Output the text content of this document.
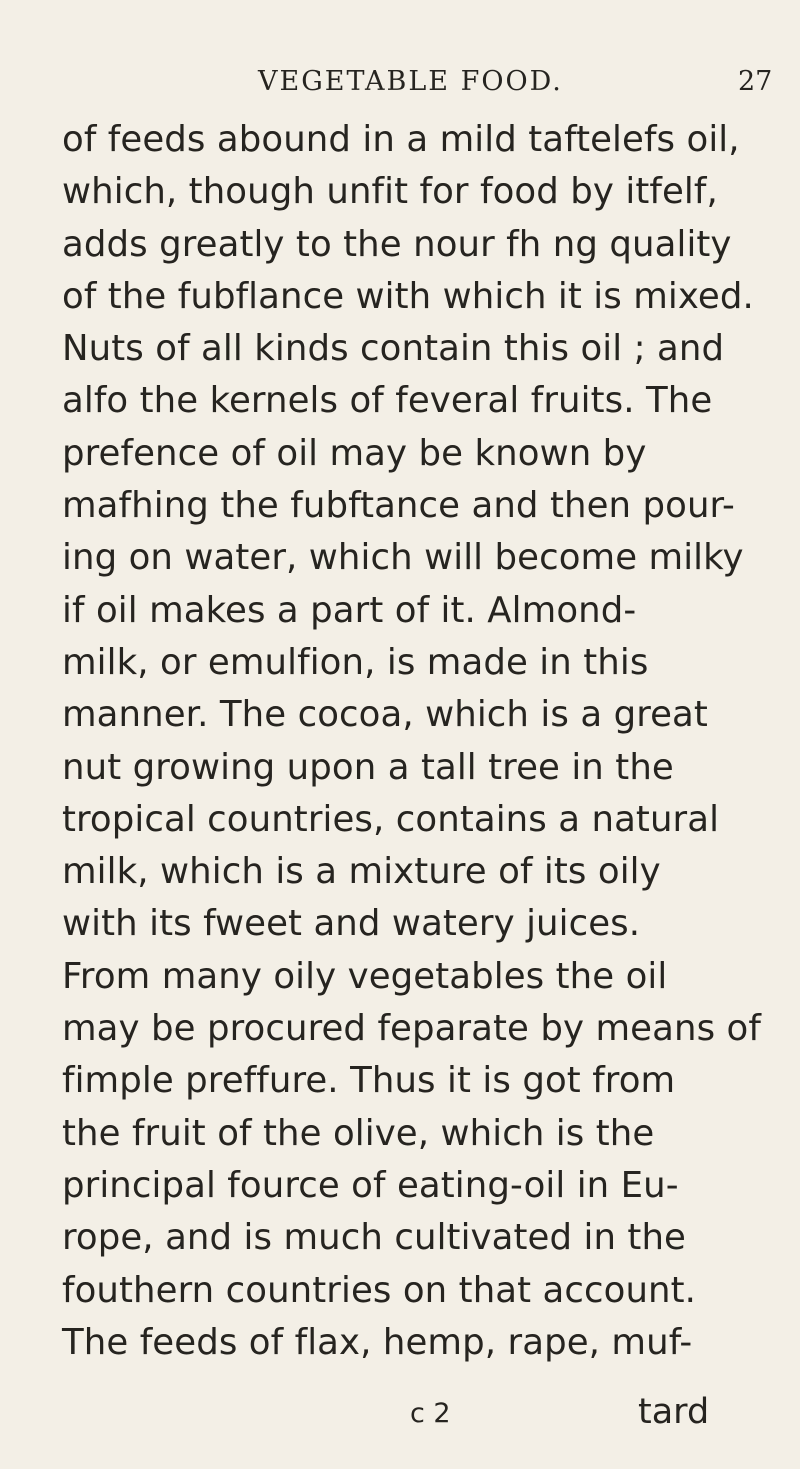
VEGETABLE FOOD.	27
of feeds abound in a mild taftelefs oil,
which, though unfit for food by itfelf,
adds greatly to the nour fh ng quality
of the fubflance with which it is mixed.
Nuts of all kinds contain this oil ; and
alfo the kernels of feveral fruits. The
prefence of oil may be known by
mafhing the fubftance and then pour-
ing on water, which will become milky
if oil makes a part of it. Almond-
milk, or emulfion, is made in this
manner. The cocoa, which is a great
nut growing upon a tall tree in the
tropical countries, contains a natural
milk, which is a mixture of its oily
with its fweet and watery juices.
From many oily vegetables the oil
may be procured feparate by means of
fimple preffure. Thus it is got from
the fruit of the olive, which is the
principal fource of eating-oil in Eu-
rope, and is much cultivated in the
fouthern countries on that account.
The feeds of flax, hemp, rape, muf-
c 2	tard
